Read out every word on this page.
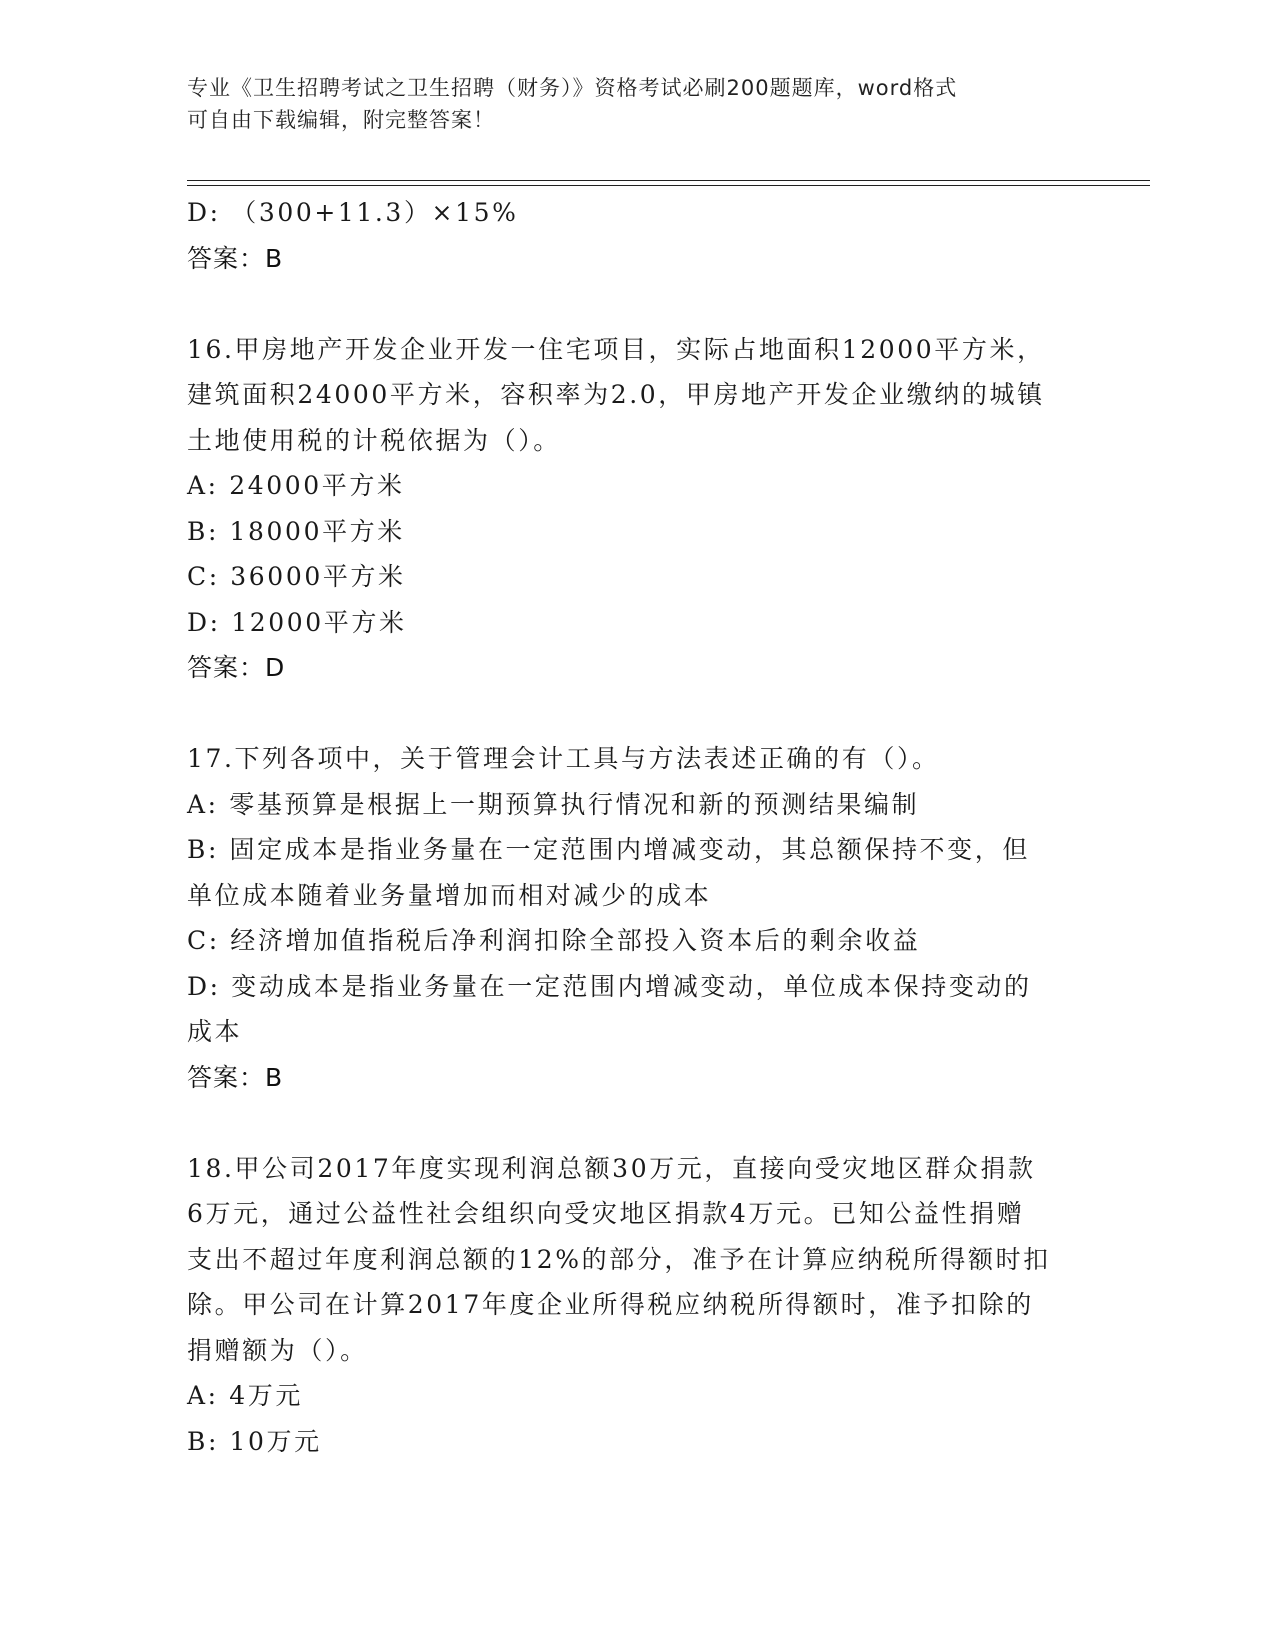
专业《卫生招聘考试之卫生招聘（财务）》资格考试必刷200题题库，word格式
可自由下载编辑，附完整答案！

D: （300+11.3）×15%

答案：B

16.甲房地产开发企业开发一住宅项目，实际占地面积12000平方米，

建筑面积24000平方米，容积率为2.0，甲房地产开发企业缴纳的城镇

土地使用税的计税依据为（）。

A: 24000平方米

B: 18000平方米

C: 36000平方米

D: 12000平方米

答案：D

17.下列各项中，关于管理会计工具与方法表述正确的有（）。

A: 零基预算是根据上一期预算执行情况和新的预测结果编制

B: 固定成本是指业务量在一定范围内增减变动，其总额保持不变，但

单位成本随着业务量增加而相对减少的成本

C: 经济增加值指税后净利润扣除全部投入资本后的剩余收益

D: 变动成本是指业务量在一定范围内增减变动，单位成本保持变动的

成本

答案：B

18.甲公司2017年度实现利润总额30万元，直接向受灾地区群众捐款

6万元，通过公益性社会组织向受灾地区捐款4万元。已知公益性捐赠

支出不超过年度利润总额的12%的部分，准予在计算应纳税所得额时扣

除。甲公司在计算2017年度企业所得税应纳税所得额时，准予扣除的

捐赠额为（）。

A: 4万元

B: 10万元
